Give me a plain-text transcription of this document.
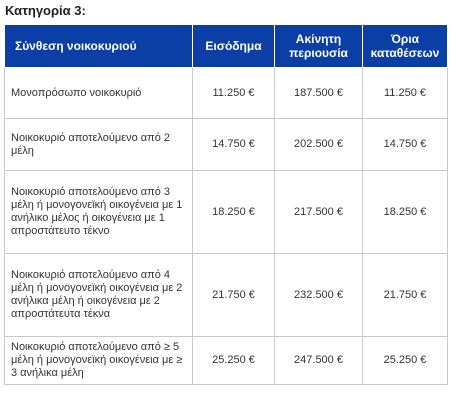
Κατηγορία 3:
Σύνθεση νοικοκυριού	Εισόδημα	Ακίνητη περιουσία	Όρια καταθέσεων
Μονοπρόσωπο νοικοκυριό	11.250 €	187.500 €	11.250 €
Νοικοκυριό αποτελούμενο από 2 μέλη	14.750 €	202.500 €	14.750 €
Νοικοκυριό αποτελούμενο από 3 μέλη ή μονογονεϊκή οικογένεια με 1 ανήλικο μέλος ή οικογένεια με 1 απροστάτευτο τέκνο	18.250 €	217.500 €	18.250 €
Νοικοκυριό αποτελούμενο από 4 μέλη ή μονογονεϊκή οικογένεια με 2 ανήλικα μέλη ή οικογένεια με 2 απροστάτευτα τέκνα	21.750 €	232.500 €	21.750 €
Νοικοκυριό αποτελούμενο από ≥ 5 μέλη ή μονογονεϊκή οικογένεια με ≥ 3 ανήλικα μέλη	25.250 €	247.500 €	25.250 €
